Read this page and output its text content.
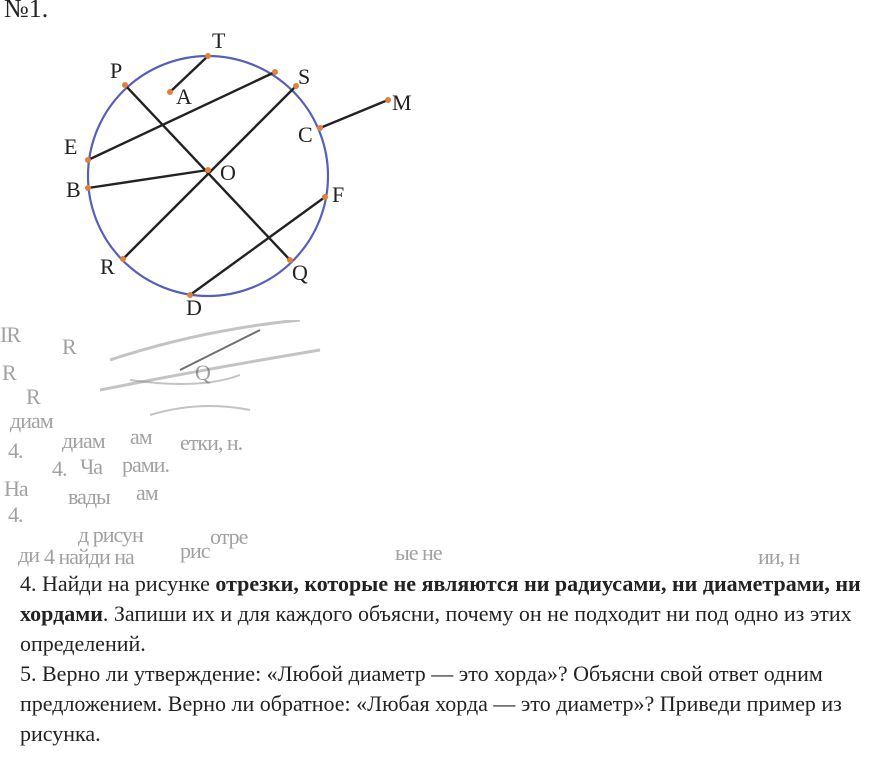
№1.
T
P
A
S
M
C
E
O
B	F
R	Q
D
IR R
R	Q
R
диам
4. диам ам етки, н.
4. Ча рами.
На вады ам
4.
д рисун	отре
ди 4 найди на рис	ые не	ии, н

4. Найди на рисунке отрезки, которые не являются ни радиусами, ни диаметрами, ни хордами. Запиши их и для каждого объясни, почему он не подходит ни под одно из этих определений.

5. Верно ли утверждение: «Любой диаметр — это хорда»? Объясни свой ответ одним предложением. Верно ли обратное: «Любая хорда — это диаметр»? Приведи пример из рисунка.
